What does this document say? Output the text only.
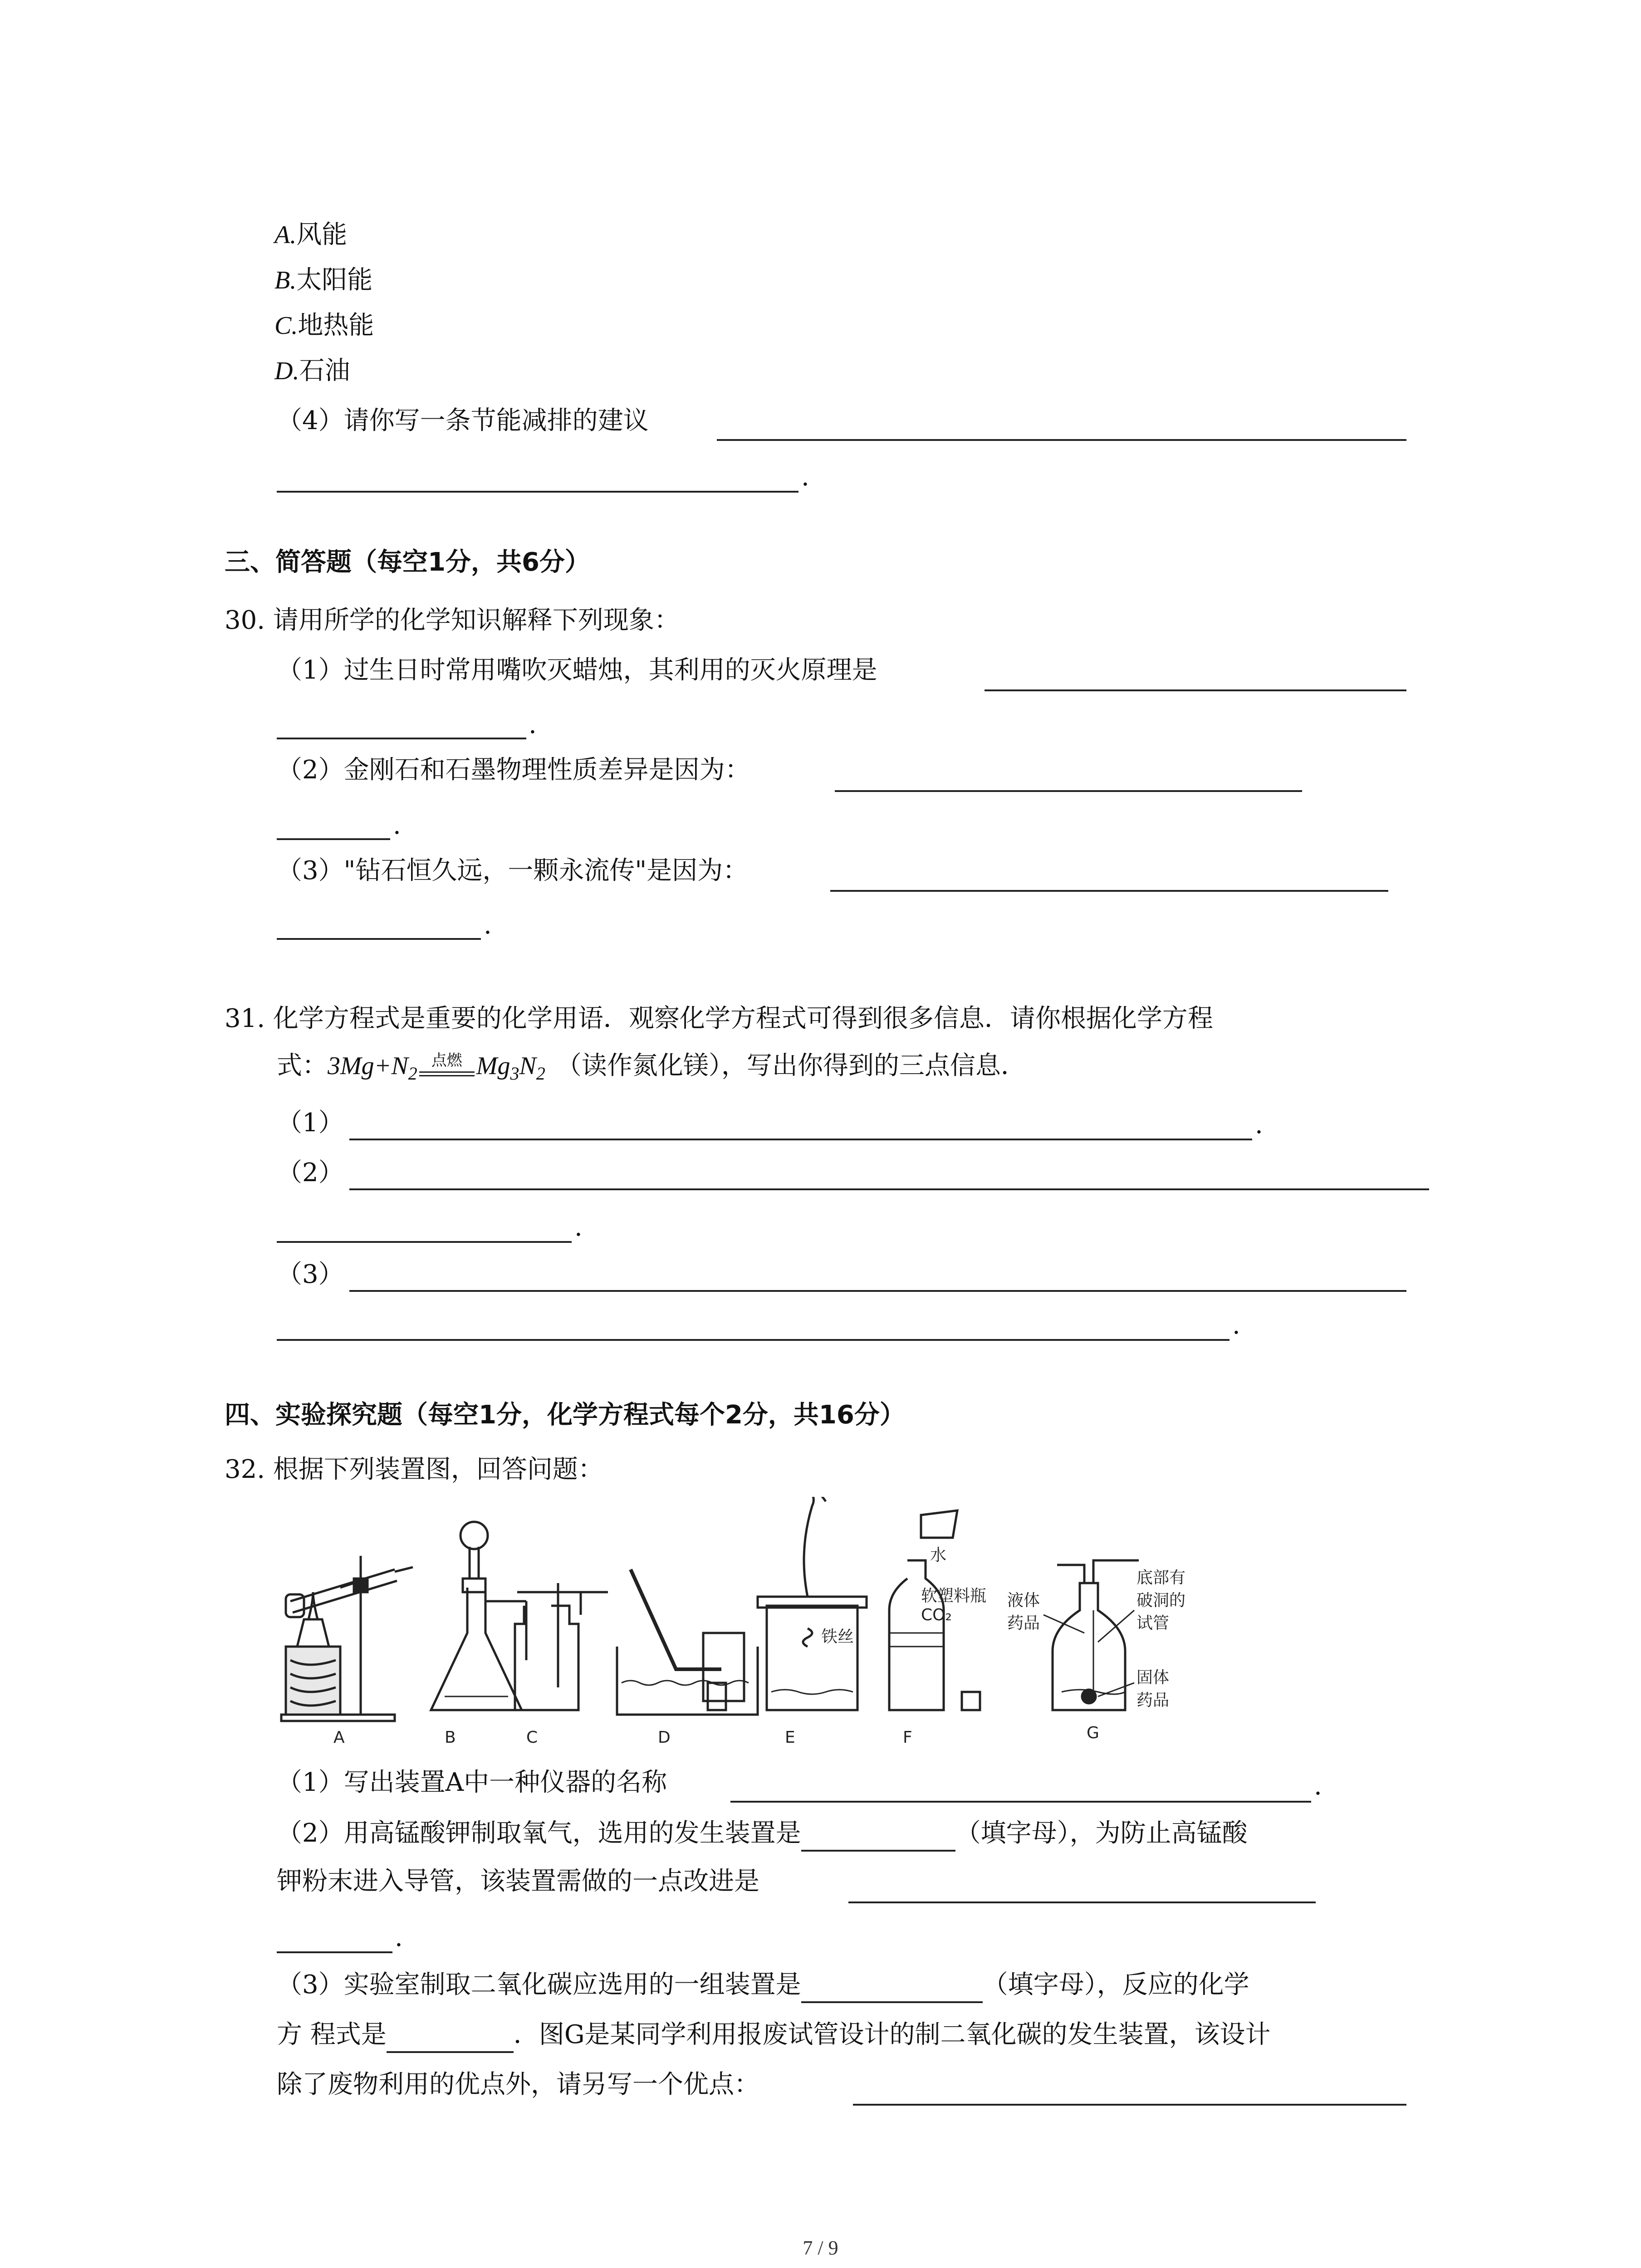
A.风能
B.太阳能
C.地热能
D.石油
（4）请你写一条节能减排的建议
.
三、简答题（每空1分，共6分）
30. 请用所学的化学知识解释下列现象：
（1）过生日时常用嘴吹灭蜡烛，其利用的灭火原理是
.
（2）金刚石和石墨物理性质差异是因为：
.
（3）"钻石恒久远，一颗永流传"是因为：
.
31. 化学方程式是重要的化学用语．观察化学方程式可得到很多信息．请你根据化学方程
式：$3Mg+N_2$
点燃 $Mg_3N_2$ （读作氮化镁），写出你得到的三点信息．
（1）	.
（2）
.
（3）
.
四、实验探究题（每空1分，化学方程式每个2分，共16分）
32. 根据下列装置图，回答问题：
A	B	C	D	E	F	G
铁丝
水
软塑料瓶
CO₂
液体
药品
底部有
破洞的
试管
固体
药品
（1）写出装置A中一种仪器的名称	.
（2）用高锰酸钾制取氧气，选用的发生装置是	（填字母），为防止高锰酸
钾粉末进入导管，该装置需做的一点改进是
.
（3）实验室制取二氧化碳应选用的一组装置是	（填字母），反应的化学
方 程式是	．图G是某同学利用报废试管设计的制二氧化碳的发生装置，该设计
除了废物利用的优点外，请另写一个优点：
7 / 9
